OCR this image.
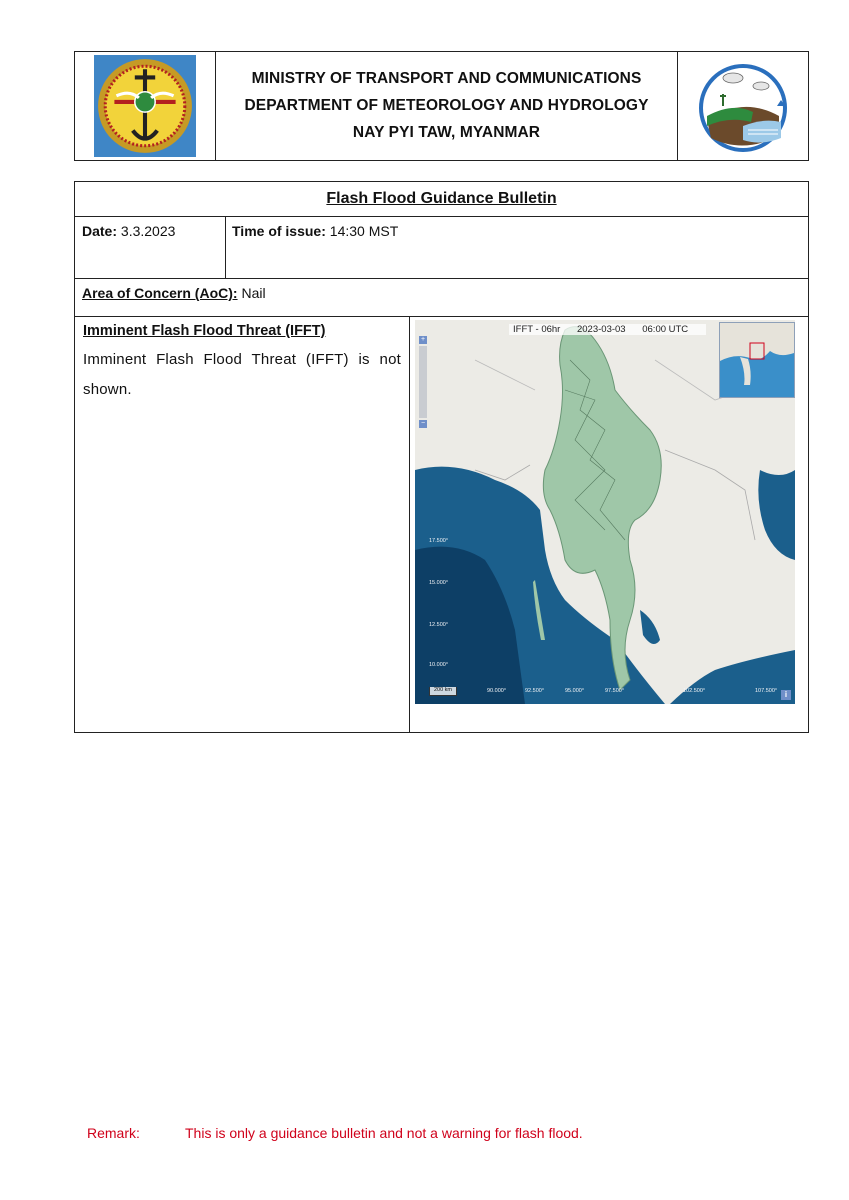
MINISTRY OF TRANSPORT AND COMMUNICATIONS
DEPARTMENT OF METEOROLOGY AND HYDROLOGY
NAY PYI TAW, MYANMAR
Flash Flood Guidance Bulletin
Date: 3.3.2023	Time of issue: 14:30 MST
Area of Concern (AoC): Nail
Imminent Flash Flood Threat (IFFT)
Imminent Flash Flood Threat (IFFT) is not shown.
IFFT - 06hr 2023-03-03 06:00 UTC
+
−
17.500°
15.000°
12.500°
10.000°
90.000°	92.500°	95.000°	97.500°	102.500°	107.500°
200 km	i
Remark:	This is only a guidance bulletin and not a warning for flash flood.
